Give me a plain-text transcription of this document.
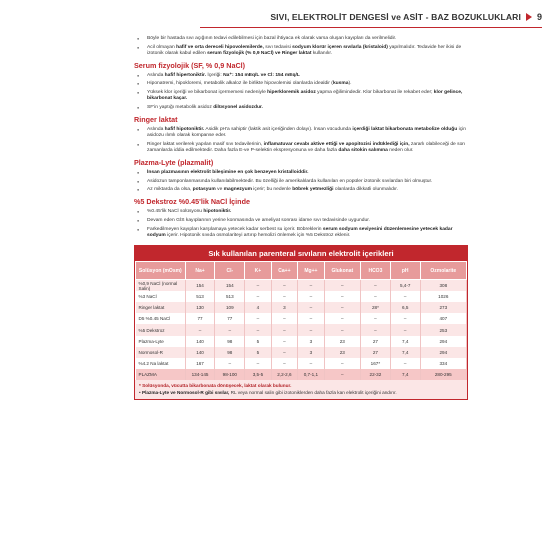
SIVI, ELEKTROLİT DENGESİ ve ASİT - BAZ BOZUKLUKLARI 9
● Böyle bir hastada sıvı açığının tedavi edilebilmesi için bazal ihtiyaca ek olarak varsa oluşan kayıpları da verilmelidir.
● Acil olmayan hafif ve orta dereceli hipovolemilerde, sıvı tedavisi sodyum klorür içeren sıvılarla (kristaloid) yapılmalıdır. Tedavide her ikisi de izotonik olarak kabul edilen serum fizyolojik (% 0,9 NaCl) ve Ringer laktat kullanılır.
Serum fizyolojik (SF, % 0,9 NaCl)
● Aslında hafif hipertoniktir. İçeriği: Na⁺: 154 mEq/L ve Cl: 154 mEq/L
● Hiponatremi, hipokloremi, metabolik alkaloz ile birlikte hipovolemisi olanlarda idealdir (kusma).
● Yüksek klor içeriği ve bikarbonat içermemesi nedeniyle hiperkloremik asidoz yapma eğilimindedir. Klor bikarbonat ile rekabet eder; klor gelince, bikarbonat kaçar.
● SF'in yaptığı metabolik asidoz dilüsyonel asidozdur.
Ringer laktat
● Aslında hafif hipotoniktir. Asidik pH'a sahiptir (laktik asit içeriğinden dolayı). İnsan vücudunda içerdiği laktat bikarbonata metabolize olduğu için asidozu ılımlı olarak kompanse eder.
● Ringer laktat verilerek yapılan masif sıvı tedavilerinin, inflamatuvar cevabı aktive ettiği ve apopitozisi indüklediği için, zararlı olabileceği de son zamanlarda iddia edilmektedir. Daha fazla E-ve P-selektin ekspresyonuna ve daha fazla daha sitokin salımına neden olur.
Plazma-Lyte (plazmalit)
● İnsan plazmasının elektrolit bileşimine en çok benzeyen kristalloiddir.
● Asidozun tamponlanmasında kullanılabilmektedir. Bu özelliği ile amerikalılarda kullanılan en popüler izotonik sıvılardan biri olmuştur.
● Az miktarda da olsa, potasyum ve magnezyum içerir; bu nedenle böbrek yetmezliği olanlarda dikkatli olunmalıdır.
%5 Dekstroz %0.45'lik NaCl İçinde
● %0.45'lik NaCl solüsyonu hipotoniktir.
● Devam eden GİS kayıplarının yerine konmasında ve ameliyat sonrası idame sıvı tedavisinde uygundur.
● Farkedilmeyen kayıpları karşılamaya yetecek kadar serbest su içerir. Böbreklerin serum sodyum seviyesini düzenlemesine yetecek kadar sodyum içerir. Hipotonik sıvıda osmolariteyi artırıp hemolizi önlemek için %5 Dekstroz eklenir.
Sık kullanılan parenteral sıvıların elektrolit içerikleri
Solüsyon (mOsm)	Na+	Cl-	K+	Ca++	Mg++	Glukonat	HCO3	pH	Ozmolarite
%0,9 NaCl (normal Salin)	154	154	–	–	–	–	–	5,4-7	308
%3 NaCl	513	513	–	–	–	–	–	–	1026
Ringer laktat	130	109	4	3	–	–	28*	6,5	273
D5 %0.45 NaCl	77	77	–	–	–	–	–	–	407
%5 Dekstroz	–	–	–	–	–	–	–	–	253
Plazma-Lyte	140	98	5	–	3	23	27	7,4	294
Normosol-R	140	98	5	–	3	23	27	7,4	294
%4.2 Na laktat	167	–	–	–	–	–	167*	–	334
PLAZMA	134-145	98-100	3,5-5	2,2-2,6	0,7-1,1	–	22-32	7,4	280-295
* Solüsyonda, vücutta bikarbonata dönüşecek, laktat olarak bulunur.
• Plazma-Lyte ve Normosol-R gibi sıvılar, RL veya normal salin gibi izotoniklerden daha fazla kan elektrolit içeriğini andırır.
